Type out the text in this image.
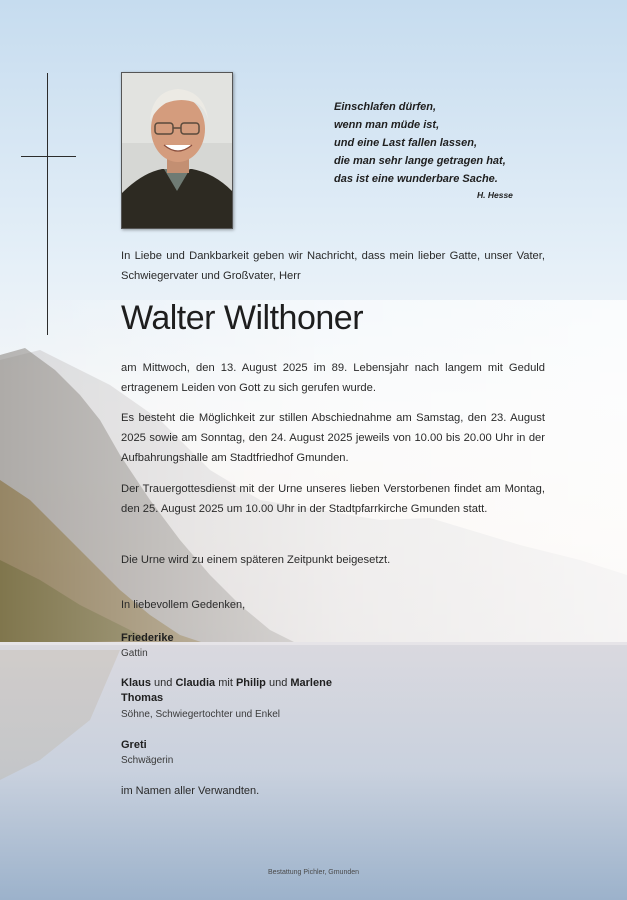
Einschlafen dürfen,
wenn man müde ist,
und eine Last fallen lassen,
die man sehr lange getragen hat,
das ist eine wunderbare Sache.
H. Hesse
In Liebe und Dankbarkeit geben wir Nachricht, dass mein lieber Gatte, unser Vater, Schwiegervater und Großvater, Herr
Walter Wilthoner
am Mittwoch, den 13. August 2025 im 89. Lebensjahr nach langem mit Geduld ertragenem Leiden von Gott zu sich gerufen wurde.
Es besteht die Möglichkeit zur stillen Abschiednahme am Samstag, den 23. August 2025 sowie am Sonntag, den 24. August 2025 jeweils von 10.00 bis 20.00 Uhr in der Aufbahrungshalle am Stadtfriedhof Gmunden.
Der Trauergottesdienst mit der Urne unseres lieben Verstorbenen findet am Montag, den 25. August 2025 um 10.00 Uhr in der Stadtpfarrkirche Gmunden statt.
Die Urne wird zu einem späteren Zeitpunkt beigesetzt.
In liebevollem Gedenken,
Friederike
Gattin
Klaus und Claudia mit Philip und Marlene
Thomas
Söhne, Schwiegertochter und Enkel
Greti
Schwägerin
im Namen aller Verwandten.
Bestattung Pichler, Gmunden
